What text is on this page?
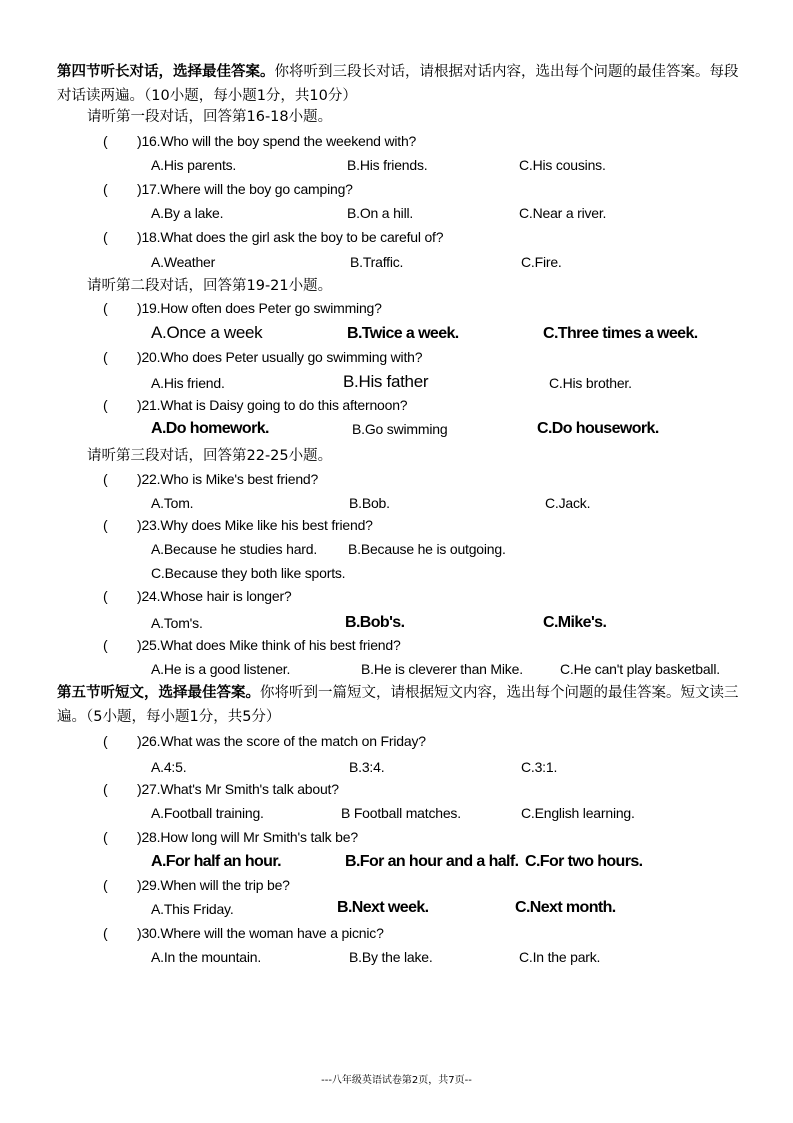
第四节听长对话，选择最佳答案。你将听到三段长对话，请根据对话内容，选出每个问题的最佳答案。每段对话读两遍。（10小题，每小题1分，共10分）
请听第一段对话，回答第16-18小题。
( )16.Who will the boy spend the weekend with?
A.His parents.	B.His friends.	C.His cousins.
( )17.Where will the boy go camping?
A.By a lake.	B.On a hill.	C.Near a river.
( )18.What does the girl ask the boy to be careful of?
A.Weather	B.Traffic.	C.Fire.
请听第二段对话，回答第19-21小题。
( )19.How often does Peter go swimming?
A.Once a week	B.Twice a week.	C.Three times a week.
( )20.Who does Peter usually go swimming with?
A.His friend.	B.His father	C.His brother.
( )21.What is Daisy going to do this afternoon?
A.Do homework.	B.Go swimming	C.Do housework.
请听第三段对话，回答第22-25小题。
( )22.Who is Mike's best friend?
A.Tom.	B.Bob.	C.Jack.
( )23.Why does Mike like his best friend?
A.Because he studies hard. B.Because he is outgoing.
C.Because they both like sports.
( )24.Whose hair is longer?
A.Tom's.	B.Bob's.	C.Mike's.
( )25.What does Mike think of his best friend?
A.He is a good listener.	B.He is cleverer than Mike.	C.He can't play basketball.
第五节听短文，选择最佳答案。你将听到一篇短文，请根据短文内容，选出每个问题的最佳答案。短文读三遍。（5小题，每小题1分，共5分）
( )26.What was the score of the match on Friday?
A.4:5.	B.3:4.	C.3:1.
( )27.What's Mr Smith's talk about?
A.Football training.	B Football matches.	C.English learning.
( )28.How long will Mr Smith's talk be?
A.For half an hour.	B.For an hour and a half. C.For two hours.
( )29.When will the trip be?
A.This Friday.	B.Next week.	C.Next month.
( )30.Where will the woman have a picnic?
A.In the mountain.	B.By the lake.	C.In the park.
---八年级英语试卷第2页，共7页--
